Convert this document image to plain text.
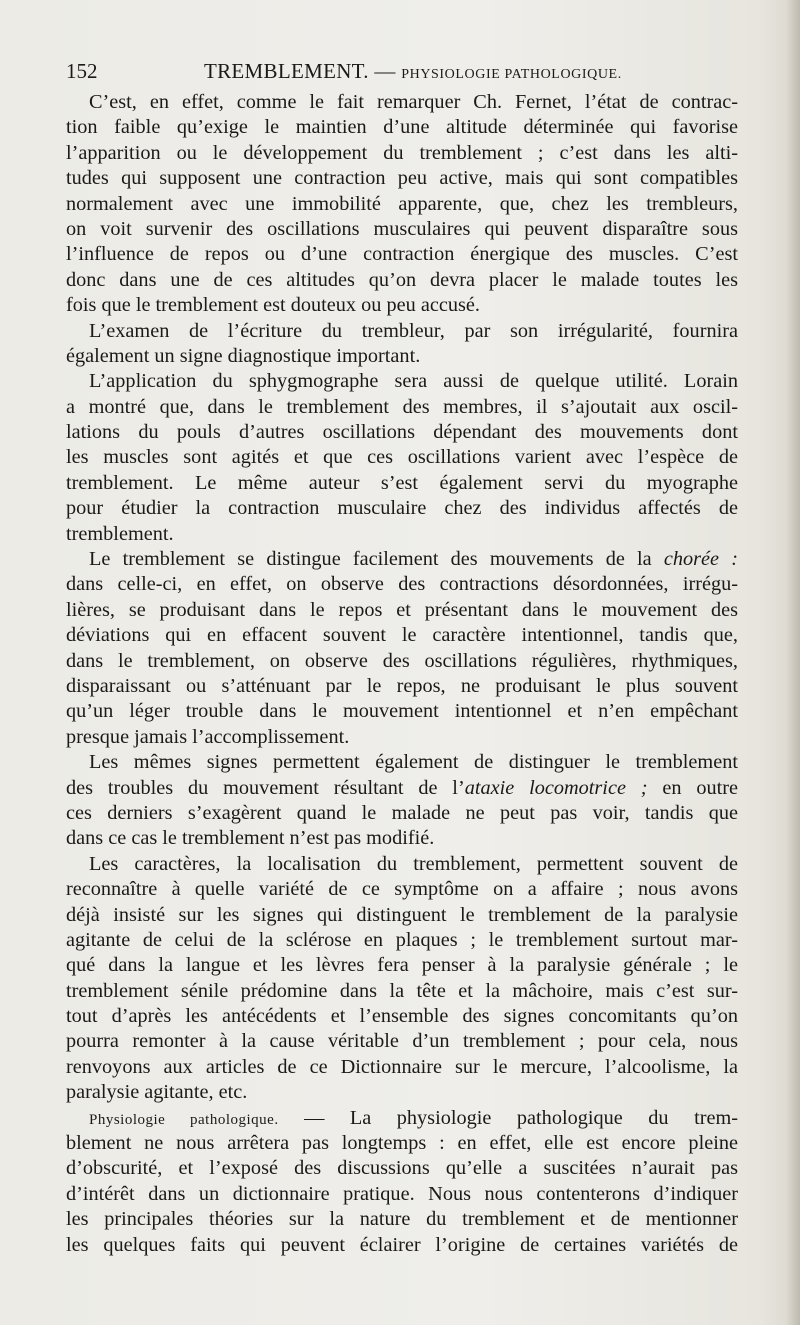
152	TREMBLEMENT. — PHYSIOLOGIE PATHOLOGIQUE.
C’est, en effet, comme le fait remarquer Ch. Fernet, l’état de contrac-
tion faible qu’exige le maintien d’une altitude déterminée qui favorise
l’apparition ou le développement du tremblement ; c’est dans les alti-
tudes qui supposent une contraction peu active, mais qui sont compatibles
normalement avec une immobilité apparente, que, chez les trembleurs,
on voit survenir des oscillations musculaires qui peuvent disparaître sous
l’influence de repos ou d’une contraction énergique des muscles. C’est
donc dans une de ces altitudes qu’on devra placer le malade toutes les
fois que le tremblement est douteux ou peu accusé.
L’examen de l’écriture du trembleur, par son irrégularité, fournira
également un signe diagnostique important.
L’application du sphygmographe sera aussi de quelque utilité. Lorain
a montré que, dans le tremblement des membres, il s’ajoutait aux oscil-
lations du pouls d’autres oscillations dépendant des mouvements dont
les muscles sont agités et que ces oscillations varient avec l’espèce de
tremblement. Le même auteur s’est également servi du myographe
pour étudier la contraction musculaire chez des individus affectés de
tremblement.
Le tremblement se distingue facilement des mouvements de la chorée :
dans celle-ci, en effet, on observe des contractions désordonnées, irrégu-
lières, se produisant dans le repos et présentant dans le mouvement des
déviations qui en effacent souvent le caractère intentionnel, tandis que,
dans le tremblement, on observe des oscillations régulières, rhythmiques,
disparaissant ou s’atténuant par le repos, ne produisant le plus souvent
qu’un léger trouble dans le mouvement intentionnel et n’en empêchant
presque jamais l’accomplissement.
Les mêmes signes permettent également de distinguer le tremblement
des troubles du mouvement résultant de l’ataxie locomotrice ; en outre
ces derniers s’exagèrent quand le malade ne peut pas voir, tandis que
dans ce cas le tremblement n’est pas modifié.
Les caractères, la localisation du tremblement, permettent souvent de
reconnaître à quelle variété de ce symptôme on a affaire ; nous avons
déjà insisté sur les signes qui distinguent le tremblement de la paralysie
agitante de celui de la sclérose en plaques ; le tremblement surtout mar-
qué dans la langue et les lèvres fera penser à la paralysie générale ; le
tremblement sénile prédomine dans la tête et la mâchoire, mais c’est sur-
tout d’après les antécédents et l’ensemble des signes concomitants qu’on
pourra remonter à la cause véritable d’un tremblement ; pour cela, nous
renvoyons aux articles de ce Dictionnaire sur le mercure, l’alcoolisme, la
paralysie agitante, etc.
Physiologie pathologique. — La physiologie pathologique du trem-
blement ne nous arrêtera pas longtemps : en effet, elle est encore pleine
d’obscurité, et l’exposé des discussions qu’elle a suscitées n’aurait pas
d’intérêt dans un dictionnaire pratique. Nous nous contenterons d’indiquer
les principales théories sur la nature du tremblement et de mentionner
les quelques faits qui peuvent éclairer l’origine de certaines variétés de
